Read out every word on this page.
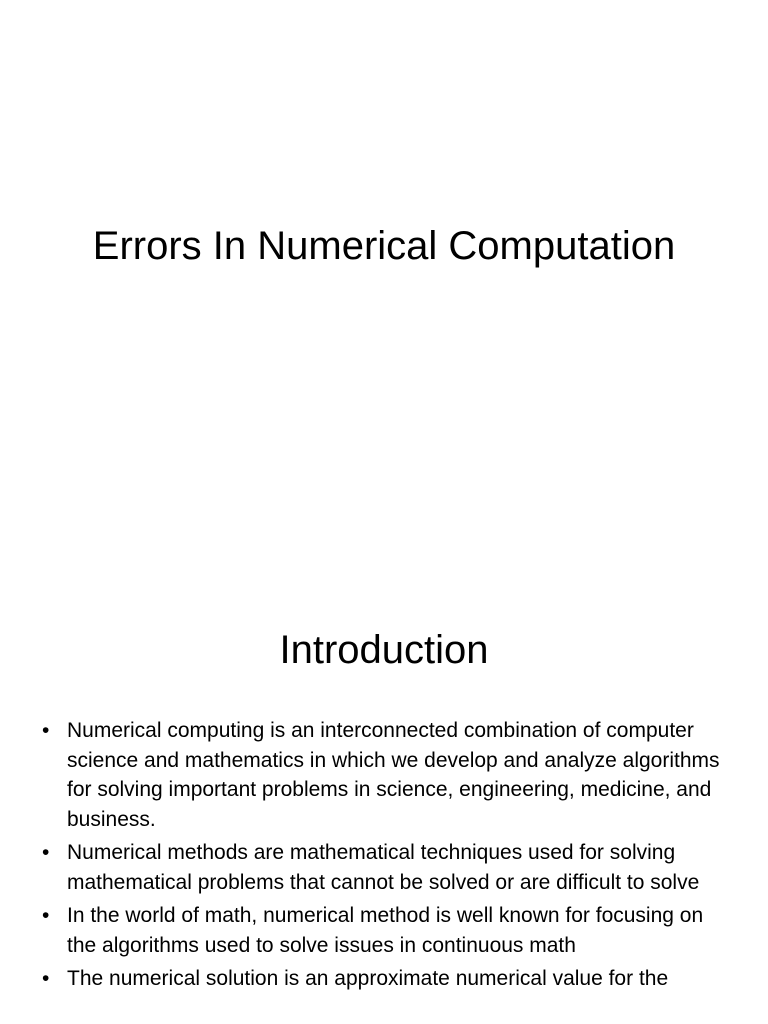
Errors In Numerical Computation
Introduction
• Numerical computing is an interconnected combination of computer science and mathematics in which we develop and analyze algorithms for solving important problems in science, engineering, medicine, and business.
• Numerical methods are mathematical techniques used for solving mathematical problems that cannot be solved or are difficult to solve
• In the world of math, numerical method is well known for focusing on the algorithms used to solve issues in continuous math
• The numerical solution is an approximate numerical value for the
